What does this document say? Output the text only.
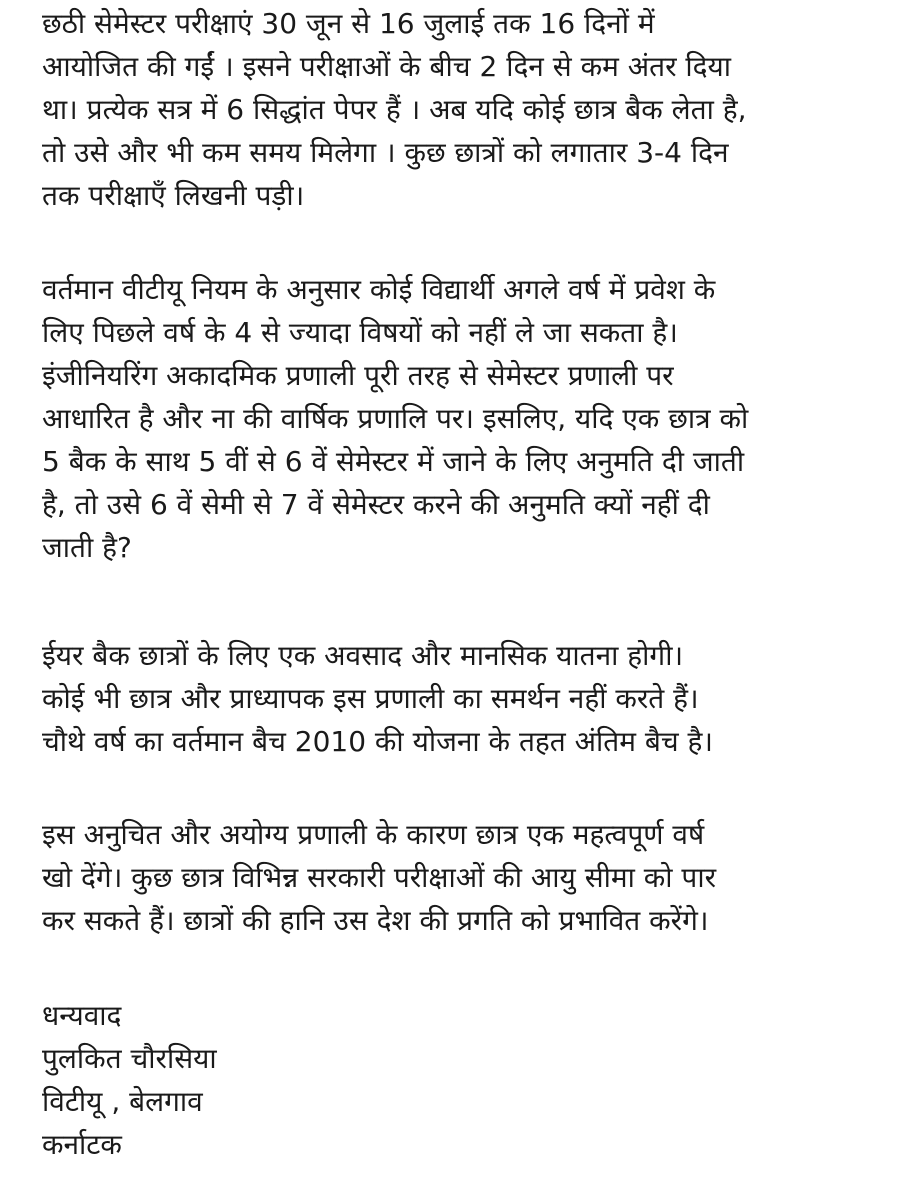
छठी सेमेस्टर परीक्षाएं 30 जून से 16 जुलाई तक 16 दिनों में
आयोजित की गईं । इसने परीक्षाओं के बीच 2 दिन से कम अंतर दिया
था। प्रत्येक सत्र में 6 सिद्धांत पेपर हैं । अब यदि कोई छात्र बैक लेता है,
तो उसे और भी कम समय मिलेगा । कुछ छात्रों को लगातार 3-4 दिन
तक परीक्षाएँ लिखनी पड़ी।
वर्तमान वीटीयू नियम के अनुसार कोई विद्यार्थी अगले वर्ष में प्रवेश के
लिए पिछले वर्ष के 4 से ज्यादा विषयों को नहीं ले जा सकता है।
इंजीनियरिंग अकादमिक प्रणाली पूरी तरह से सेमेस्टर प्रणाली पर
आधारित है और ना की वार्षिक प्रणालि पर। इसलिए, यदि एक छात्र को
5 बैक के साथ 5 वीं से 6 वें सेमेस्टर में जाने के लिए अनुमति दी जाती
है, तो उसे 6 वें सेमी से 7 वें सेमेस्टर करने की अनुमति क्यों नहीं दी
जाती है?
ईयर बैक छात्रों के लिए एक अवसाद और मानसिक यातना होगी।
कोई भी छात्र और प्राध्यापक इस प्रणाली का समर्थन नहीं करते हैं।
चौथे वर्ष का वर्तमान बैच 2010 की योजना के तहत अंतिम बैच है।
इस अनुचित और अयोग्य प्रणाली के कारण छात्र एक महत्वपूर्ण वर्ष
खो देंगे। कुछ छात्र विभिन्न सरकारी परीक्षाओं की आयु सीमा को पार
कर सकते हैं। छात्रों की हानि उस देश की प्रगति को प्रभावित करेंगे।
धन्यवाद
पुलकित चौरसिया
विटीयू , बेलगाव
कर्नाटक
